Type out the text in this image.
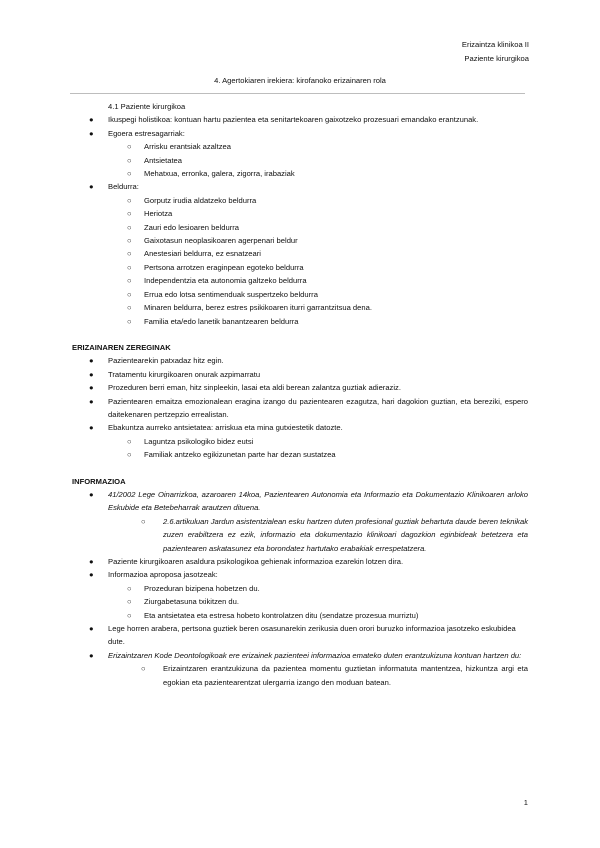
Erizaintza klinikoa II
Paziente kirurgikoa
4. Agertokiaren irekiera: kirofanoko erizainaren rola
4.1 Paziente kirurgikoa
● Ikuspegi holistikoa: kontuan hartu pazientea eta senitartekoaren gaixotzeko prozesuari emandako erantzunak.
● Egoera estresagarriak:
○ Arrisku erantsiak azaltzea
○ Antsietatea
○ Mehatxua, erronka, galera, zigorra, irabaziak
● Beldurra:
○ Gorputz irudia aldatzeko beldurra
○ Heriotza
○ Zauri edo lesioaren beldurra
○ Gaixotasun neoplasikoaren agerpenari beldur
○ Anestesiari beldurra, ez esnatzeari
○ Pertsona arrotzen eraginpean egoteko beldurra
○ Independentzia eta autonomia galtzeko beldurra
○ Errua edo lotsa sentimenduak suspertzeko beldurra
○ Minaren beldurra, berez estres psikikoaren iturri garrantzitsua dena.
○ Familia eta/edo lanetik banantzearen beldurra
ERIZAINAREN ZEREGINAK
● Pazientearekin patxadaz hitz egin.
● Tratamentu kirurgikoaren onurak azpimarratu
● Prozeduren berri eman, hitz sinpleekin, lasai eta aldi berean zalantza guztiak adieraziz.
● Pazientearen emaitza emozionalean eragina izango du pazientearen ezagutza, hari dagokion guztian, eta bereziki, espero daitekenaren pertzepzio errealistan.
● Ebakuntza aurreko antsietatea: arriskua eta mina gutxiestetik datozte.
○ Laguntza psikologiko bidez eutsi
○ Familiak antzeko egikizunetan parte har dezan sustatzea
INFORMAZIOA
● 41/2002 Lege Oinarrizkoa, azaroaren 14koa, Pazientearen Autonomia eta Informazio eta Dokumentazio Klinikoaren arloko Eskubide eta Betebeharrak arautzen dituena.
○ 2.6.artikuluan Jardun asistentzialean esku hartzen duten profesional guztiak behartuta daude beren teknikak zuzen erabiltzera ez ezik, informazio eta dokumentazio klinikoari dagozkion eginbideak betetzera eta pazientearen askatasunez eta borondatez hartutako erabakiak errespetatzera.
● Paziente kirurgikoaren asaldura psikologikoa gehienak informazioa ezarekin lotzen dira.
● Informazioa aproposa jasotzeak:
○ Prozeduran bizipena hobetzen du.
○ Ziurgabetasuna txikitzen du.
○ Eta antsietatea eta estresa hobeto kontrolatzen ditu (sendatze prozesua murriztu)
● Lege horren arabera, pertsona guztiek beren osasunarekin zerikusia duen orori buruzko informazioa jasotzeko eskubidea dute.
● Erizaintzaren Kode Deontologikoak ere erizainek pazienteei informazioa emateko duten erantzukizuna kontuan hartzen du:
○ Erizaintzaren erantzukizuna da pazientea momentu guztietan informatuta mantentzea, hizkuntza argi eta egokian eta pazientearentzat ulergarria izango den moduan batean.
1
